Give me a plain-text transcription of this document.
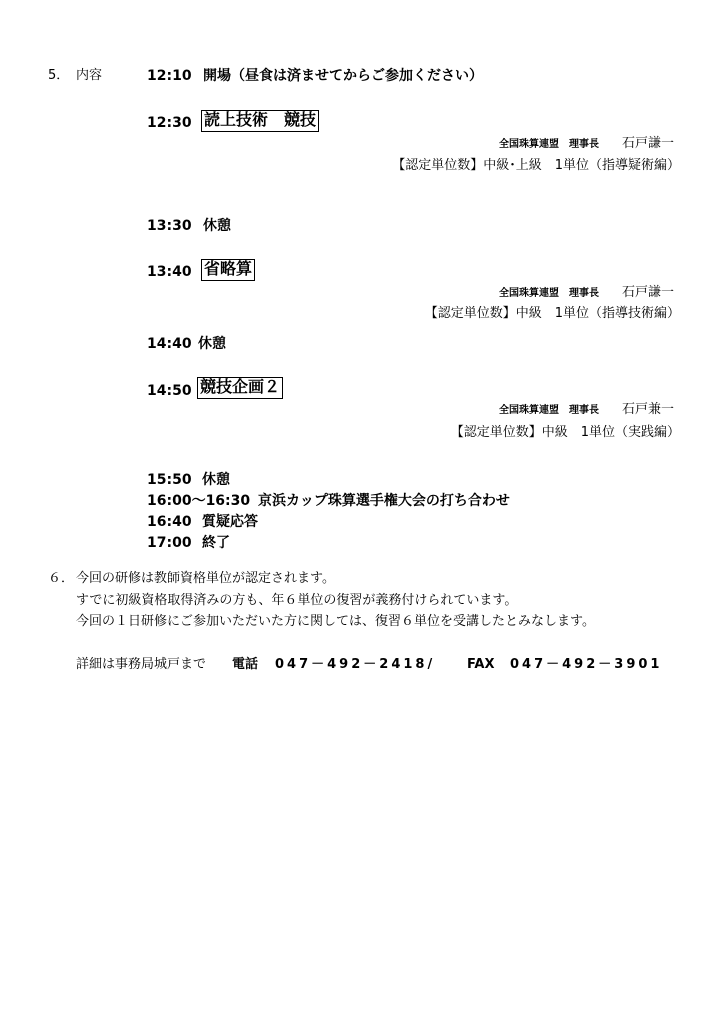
5． 内容	12:10 開場（昼食は済ませてからご参加ください）
12:30 読上技術　競技
全国珠算連盟　理事長 石戸謙一
【認定単位数】中級･上級　1単位（指導疑術編）
13:30 休憩
13:40 省略算
全国珠算連盟　理事長 石戸謙一
【認定単位数】中級　1単位（指導技術編）
14:40 休憩
14:50 競技企画２
全国珠算連盟　理事長 石戸兼一
【認定単位数】中級　1単位（実践編）
15:50 休憩
16:00～16:30 京浜カップ珠算選手権大会の打ち合わせ
16:40 質疑応答
17:00 終了
６． 今回の研修は教師資格単位が認定されます。
すでに初級資格取得済みの方も、年６単位の復習が義務付けられています。
今回の１日研修にご参加いただいた方に関しては、復習６単位を受講したとみなします。
詳細は事務局城戸まで 電話 047－492－2418/ FAX 047－492－3901
